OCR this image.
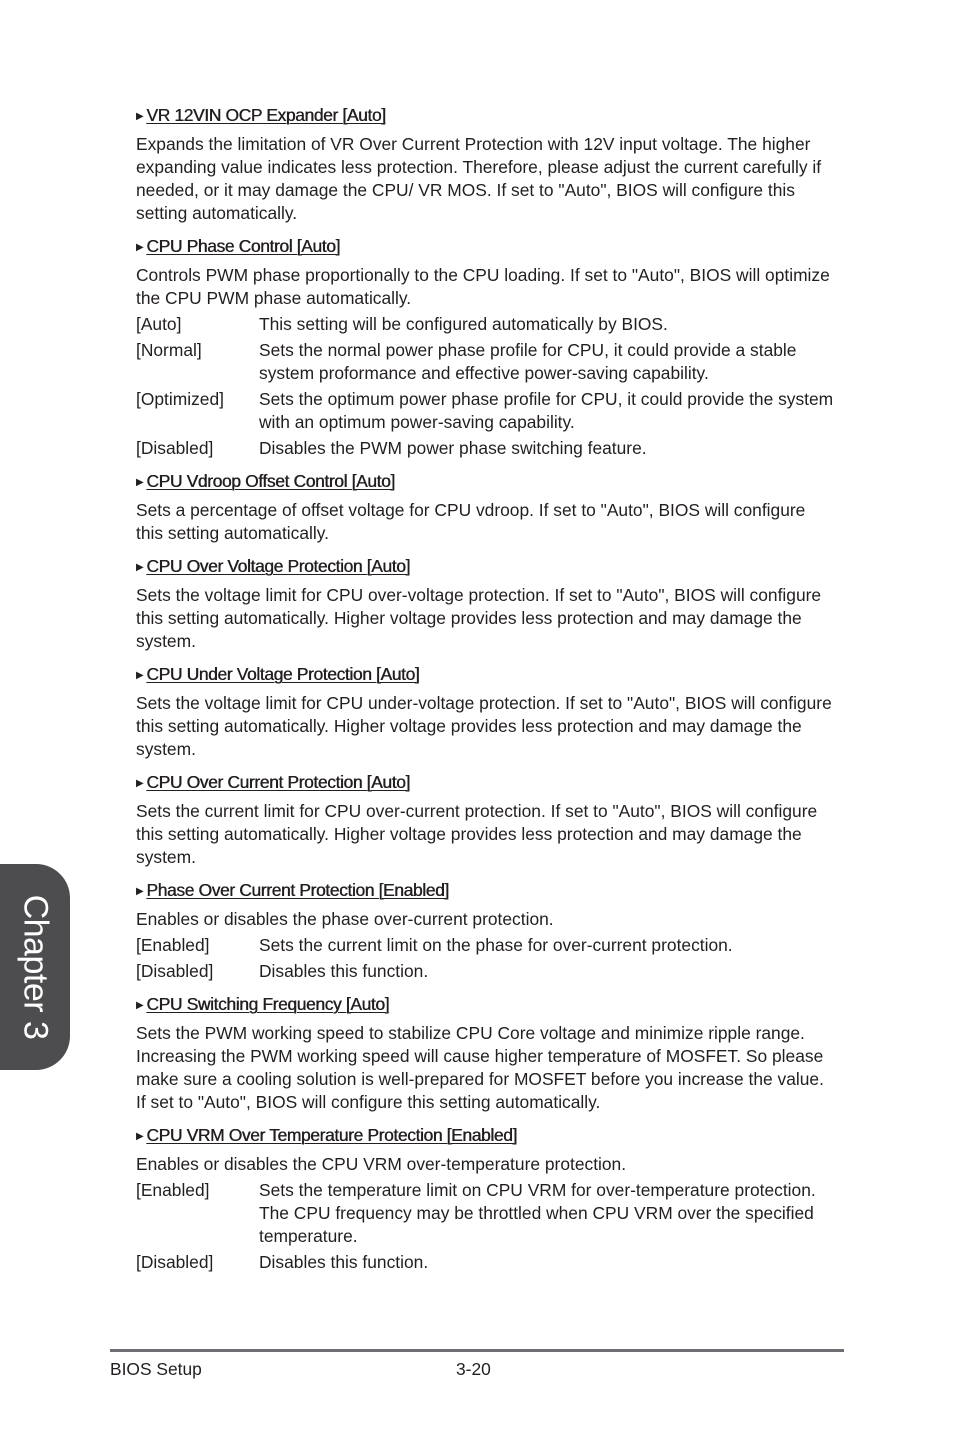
▶ VR 12VIN OCP Expander [Auto]

Expands the limitation of VR Over Current Protection with 12V input voltage. The higher expanding value indicates less protection. Therefore, please adjust the current carefully if needed, or it may damage the CPU/ VR MOS. If set to "Auto", BIOS will configure this setting automatically.

▶ CPU Phase Control [Auto]

Controls PWM phase proportionally to the CPU loading. If set to "Auto", BIOS will optimize the CPU PWM phase automatically.

[Auto]	This setting will be configured automatically by BIOS.
[Normal]	Sets the normal power phase profile for CPU, it could provide a stable system proformance and effective power-saving capability.
[Optimized]	Sets the optimum power phase profile for CPU, it could provide the system with an optimum power-saving capability.
[Disabled]	Disables the PWM power phase switching feature.
▶ CPU Vdroop Offset Control [Auto]

Sets a percentage of offset voltage for CPU vdroop. If set to "Auto", BIOS will configure this setting automatically.

▶ CPU Over Voltage Protection [Auto]

Sets the voltage limit for CPU over-voltage protection. If set to "Auto", BIOS will configure this setting automatically. Higher voltage provides less protection and may damage the system.

▶ CPU Under Voltage Protection [Auto]

Sets the voltage limit for CPU under-voltage protection. If set to "Auto", BIOS will configure this setting automatically. Higher voltage provides less protection and may damage the system.

▶ CPU Over Current Protection [Auto]

Sets the current limit for CPU over-current protection. If set to "Auto", BIOS will configure this setting automatically. Higher voltage provides less protection and may damage the system.

▶ Phase Over Current Protection [Enabled]

Enables or disables the phase over-current protection.

[Enabled]	Sets the current limit on the phase for over-current protection.
[Disabled]	Disables this function.
▶ CPU Switching Frequency [Auto]

Sets the PWM working speed to stabilize CPU Core voltage and minimize ripple range. Increasing the PWM working speed will cause higher temperature of MOSFET. So please make sure a cooling solution is well-prepared for MOSFET before you increase the value. If set to "Auto", BIOS will configure this setting automatically.

▶ CPU VRM Over Temperature Protection [Enabled]

Enables or disables the CPU VRM over-temperature protection.

[Enabled]	Sets the temperature limit on CPU VRM for over-temperature protection. The CPU frequency may be throttled when CPU VRM over the specified temperature.
[Disabled]	Disables this function.
Chapter 3
BIOS Setup	3-20
